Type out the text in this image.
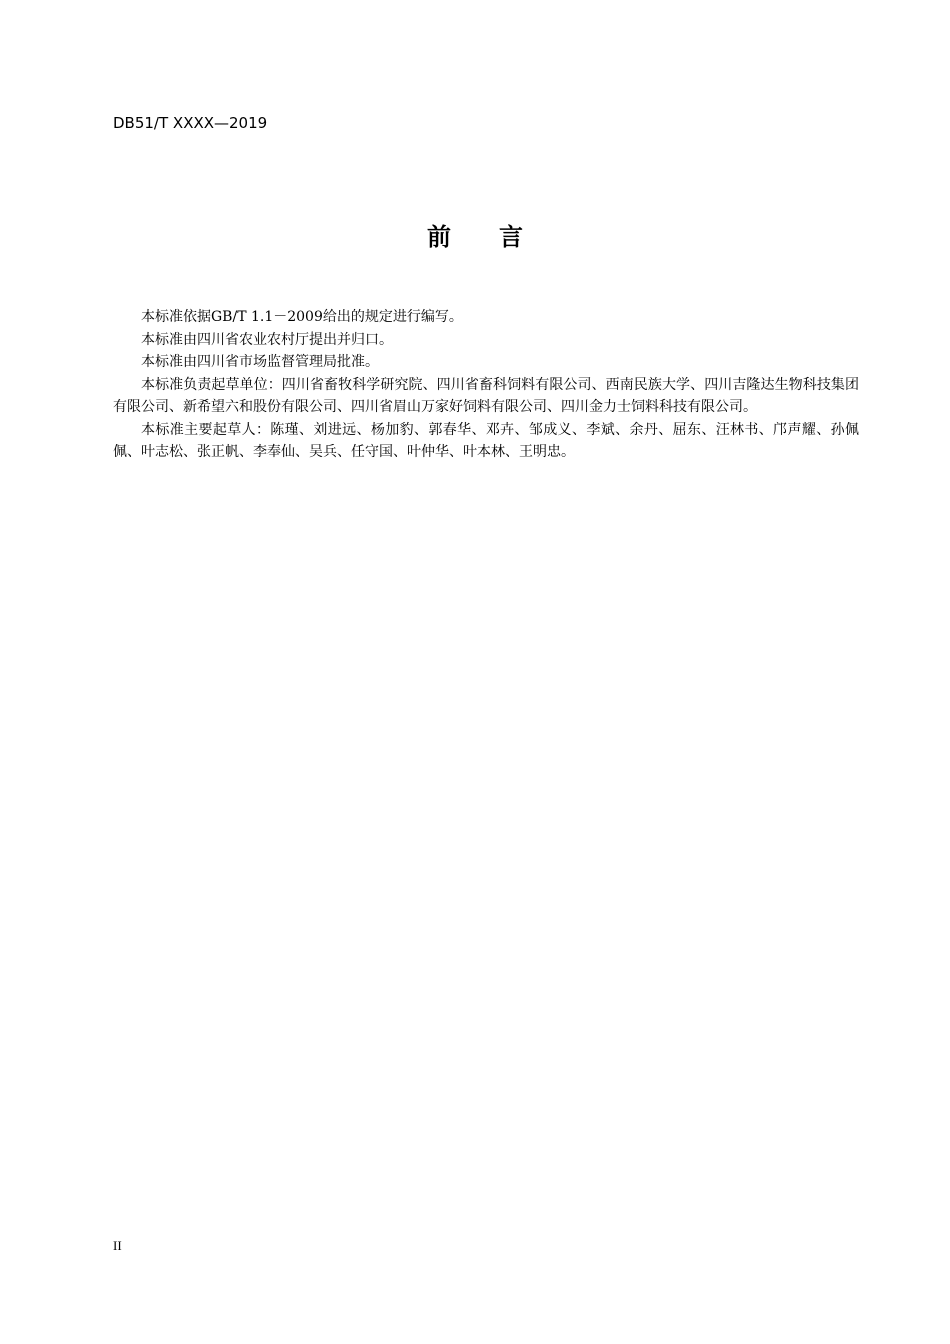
DB51/T XXXX—2019
前言

本标准依据GB/T 1.1－2009给出的规定进行编写。

本标准由四川省农业农村厅提出并归口。

本标准由四川省市场监督管理局批准。

本标准负责起草单位：四川省畜牧科学研究院、四川省畜科饲料有限公司、西南民族大学、四川吉隆达生物科技集团有限公司、新希望六和股份有限公司、四川省眉山万家好饲料有限公司、四川金力士饲料科技有限公司。

本标准主要起草人：陈瑾、刘进远、杨加豹、郭春华、邓卉、邹成义、李斌、余丹、屈东、汪林书、邝声耀、孙佩佩、叶志松、张正帆、李奉仙、吴兵、任守国、叶仲华、叶本林、王明忠。

II
